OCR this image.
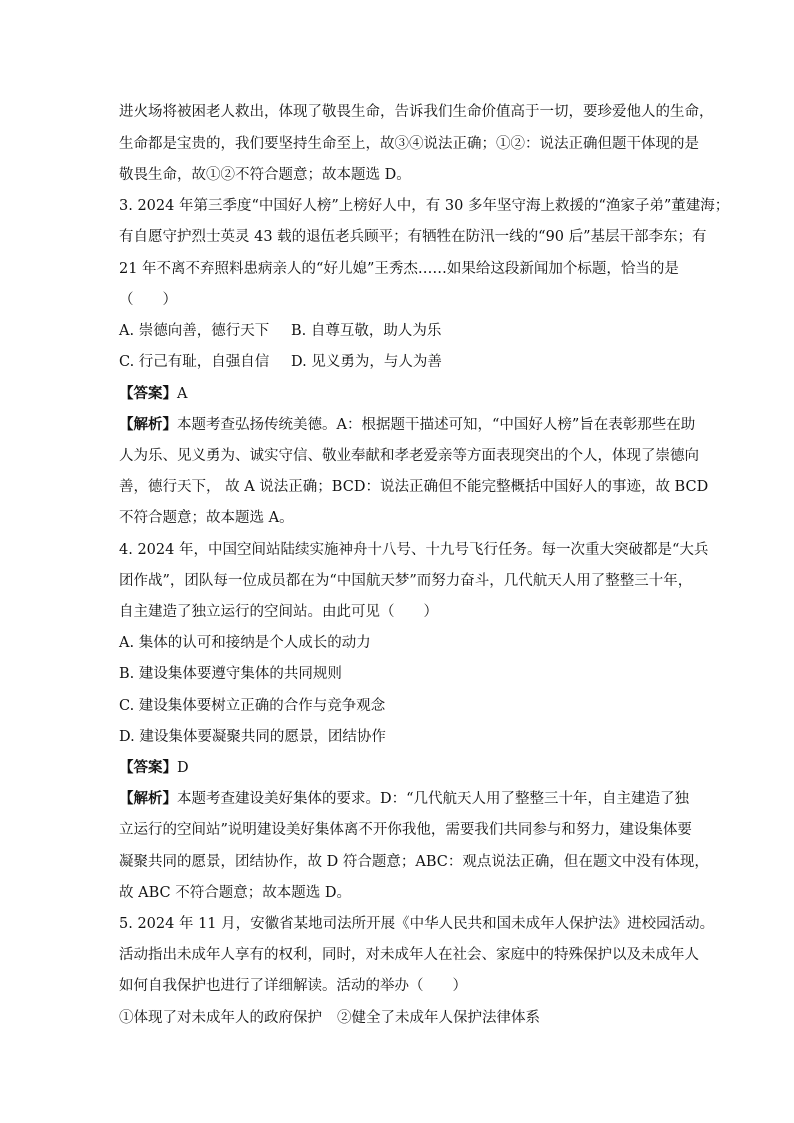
进火场将被困老人救出，体现了敬畏生命，告诉我们生命价值高于一切，要珍爱他人的生命，

生命都是宝贵的，我们要坚持生命至上，故③④说法正确；①②：说法正确但题干体现的是

敬畏生命，故①②不符合题意；故本题选 D。

3. 2024 年第三季度“中国好人榜”上榜好人中，有 30 多年坚守海上救援的“渔家子弟”董建海；

有自愿守护烈士英灵 43 载的退伍老兵顾平；有牺牲在防汛一线的“90 后”基层干部李东；有

21 年不离不弃照料患病亲人的“好儿媳”王秀杰……如果给这段新闻加个标题，恰当的是

（　　）

A. 崇德向善，德行天下 B. 自尊互敬，助人为乐

C. 行己有耻，自强自信 D. 见义勇为，与人为善

【答案】A

【解析】本题考查弘扬传统美德。A：根据题干描述可知，“中国好人榜”旨在表彰那些在助

人为乐、见义勇为、诚实守信、敬业奉献和孝老爱亲等方面表现突出的个人，体现了崇德向

善，德行天下， 故 A 说法正确；BCD：说法正确但不能完整概括中国好人的事迹，故 BCD

不符合题意；故本题选 A。

4. 2024 年，中国空间站陆续实施神舟十八号、十九号飞行任务。每一次重大突破都是“大兵

团作战”，团队每一位成员都在为“中国航天梦”而努力奋斗，几代航天人用了整整三十年，

自主建造了独立运行的空间站。由此可见（　　）

A. 集体的认可和接纳是个人成长的动力

B. 建设集体要遵守集体的共同规则

C. 建设集体要树立正确的合作与竞争观念

D. 建设集体要凝聚共同的愿景，团结协作

【答案】D

【解析】本题考查建设美好集体的要求。D：“几代航天人用了整整三十年，自主建造了独

立运行的空间站”说明建设美好集体离不开你我他，需要我们共同参与和努力，建设集体要

凝聚共同的愿景，团结协作，故 D 符合题意；ABC：观点说法正确，但在题文中没有体现，

故 ABC 不符合题意；故本题选 D。

5. 2024 年 11 月，安徽省某地司法所开展《中华人民共和国未成年人保护法》进校园活动。

活动指出未成年人享有的权利，同时，对未成年人在社会、家庭中的特殊保护以及未成年人

如何自我保护也进行了详细解读。活动的举办（　　）

①体现了对未成年人的政府保护 ②健全了未成年人保护法律体系
